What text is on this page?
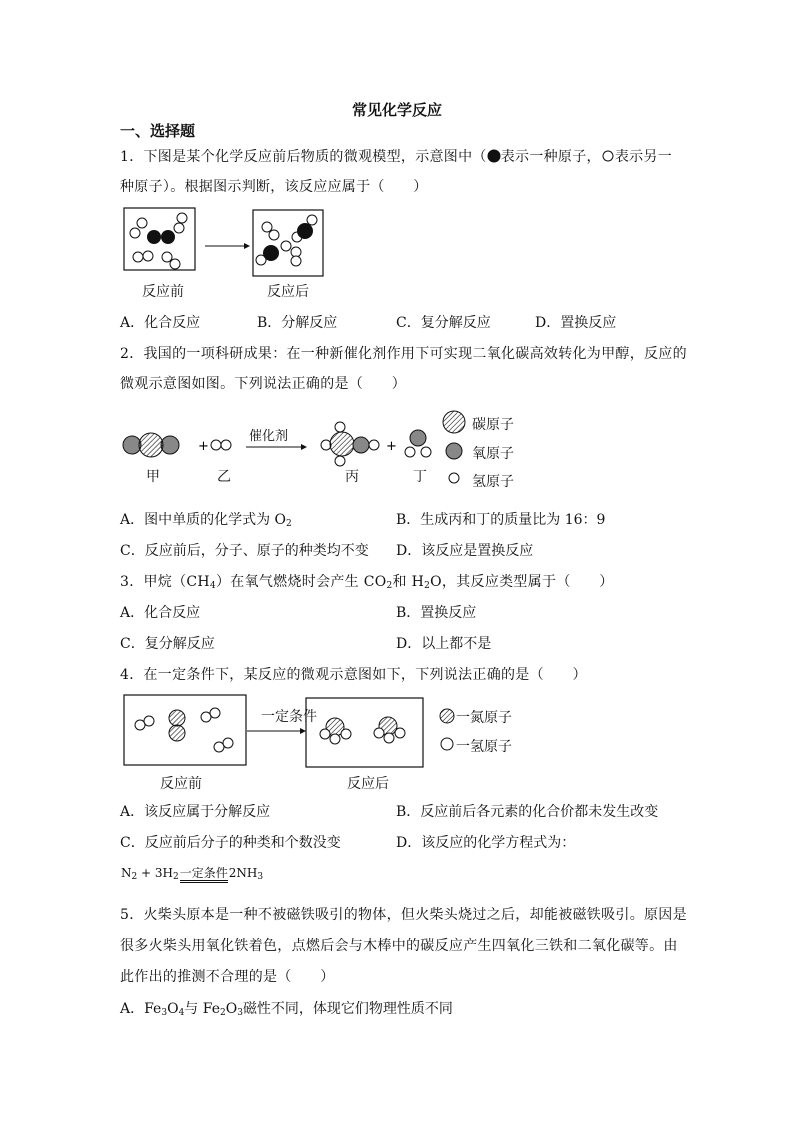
常见化学反应
一、选择题
1．下图是某个化学反应前后物质的微观模型，示意图中（ 表示一种原子， 表示另一
种原子）。根据图示判断，该反应应属于（　　）
反应前	反应后
A．化合反应	B．分解反应	C．复分解反应	D．置换反应
2．我国的一项科研成果：在一种新催化剂作用下可实现二氧化碳高效转化为甲醇，反应的
微观示意图如图。下列说法正确的是（　　）
+	+
催化剂
甲	乙	丙	丁
碳原子
氧原子
氢原子
A．图中单质的化学式为 $O_2$	B．生成丙和丁的质量比为 16：9
C．反应前后，分子、原子的种类均不变 D．该反应是置换反应
3．甲烷$(CH_4)$在氧气燃烧时会产生 $CO_2$和 $H_2O$，其反应类型属于（　　）
A．化合反应	B．置换反应
C．复分解反应	D．以上都不是
4．在一定条件下，某反应的微观示意图如下，下列说法正确的是（　　）
一定条件	一氮原子
一氢原子
反应前	反应后
A．该反应属于分解反应	B．反应前后各元素的化合价都未发生改变
C．反应前后分子的种类和个数没变	D．该反应的化学方程式为：
$N_2 + 3H_2$一定条件$2NH_3$
5．火柴头原本是一种不被磁铁吸引的物体，但火柴头烧过之后，却能被磁铁吸引。原因是
很多火柴头用氧化铁着色，点燃后会与木棒中的碳反应产生四氧化三铁和二氧化碳等。由
此作出的推测不合理的是（　　）
A．$Fe_3O_4$与 $Fe_2O_3$磁性不同，体现它们物理性质不同
